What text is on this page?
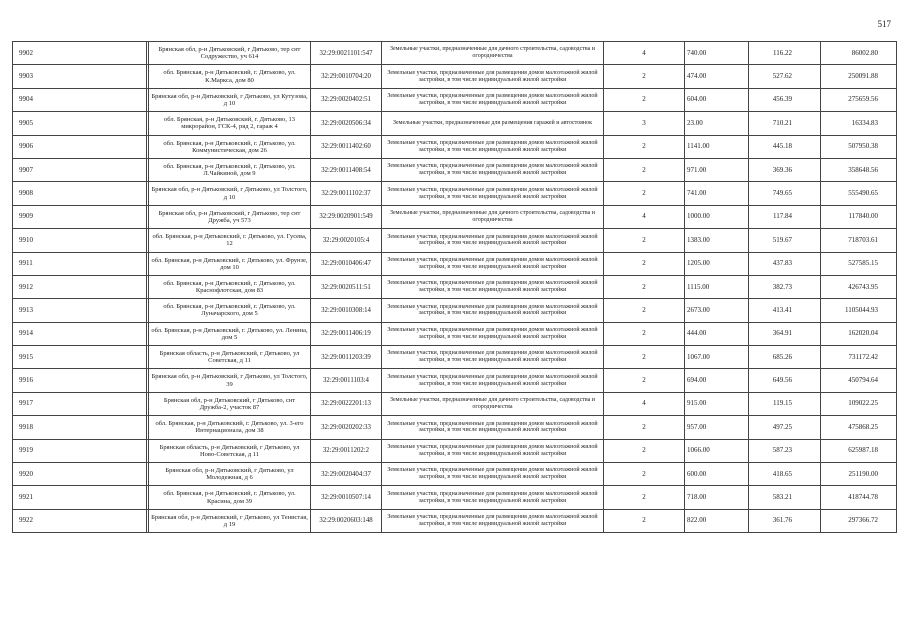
517
9902		Брянская обл, р-н Дятьковский, г Дятьково, тер снт Содружество, уч 614	32:29:0021101:547	Земельные участки, предназначенные для дачного строительства, садоводства и огородничества	4	740.00	116.22	86002.80
9903		обл. Брянская, р-н Дятьковский, г. Дятьково, ул. К.Маркса, дом 80	32:29:0010704:20	Земельные участки, предназначенные для размещения домов малоэтажной жилой застройки, в том числе индивидуальной жилой застройки	2	474.00	527.62	250091.88
9904		Брянская обл, р-н Дятьковский, г Дятьково, ул Кутузова, д 10	32:29:0020402:51	Земельные участки, предназначенные для размещения домов малоэтажной жилой застройки, в том числе индивидуальной жилой застройки	2	604.00	456.39	275659.56
9905		обл. Брянская, р-н Дятьковский, г. Дятьково, 13 микрорайон, ГСК-4, ряд 2, гараж 4	32:29:0020506:34	Земельные участки, предназначенные для размещения гаражей и автостоянок	3	23.00	710.21	16334.83
9906		обл. Брянская, р-н Дятьковский, г. Дятьково, ул. Коммунистическая, дом 26	32:29:0011402:60	Земельные участки, предназначенные для размещения домов малоэтажной жилой застройки, в том числе индивидуальной жилой застройки	2	1141.00	445.18	507950.38
9907		обл. Брянская, р-н Дятьковский, г. Дятьково, ул. Л.Чайкиной, дом 9	32:29:0011408:54	Земельные участки, предназначенные для размещения домов малоэтажной жилой застройки, в том числе индивидуальной жилой застройки	2	971.00	369.36	358648.56
9908		Брянская обл, р-н Дятьковский, г Дятьково, ул Толстого, д 10	32:29:0011102:37	Земельные участки, предназначенные для размещения домов малоэтажной жилой застройки, в том числе индивидуальной жилой застройки	2	741.00	749.65	555490.65
9909		Брянская обл, р-н Дятьковский, г Дятьково, тер снт Дружба, уч 573	32:29:0020901:549	Земельные участки, предназначенные для дачного строительства, садоводства и огородничества	4	1000.00	117.84	117840.00
9910		обл. Брянская, р-н Дятьковский, г. Дятьково, ул. Гусева, 12	32:29:0020105:4	Земельные участки, предназначенные для размещения домов малоэтажной жилой застройки, в том числе индивидуальной жилой застройки	2	1383.00	519.67	718703.61
9911		обл. Брянская, р-н Дятьковский, г. Дятьково, ул. Фрунзе, дом 10	32:29:0010406:47	Земельные участки, предназначенные для размещения домов малоэтажной жилой застройки, в том числе индивидуальной жилой застройки	2	1205.00	437.83	527585.15
9912		обл. Брянская, р-н Дятьковский, г. Дятьково, ул. Краснофлотская, дом 83	32:29:0020511:51	Земельные участки, предназначенные для размещения домов малоэтажной жилой застройки, в том числе индивидуальной жилой застройки	2	1115.00	382.73	426743.95
9913		обл. Брянская, р-н Дятьковский, г. Дятьково, ул. Луначарского, дом 5	32:29:0010308:14	Земельные участки, предназначенные для размещения домов малоэтажной жилой застройки, в том числе индивидуальной жилой застройки	2	2673.00	413.41	1105044.93
9914		обл. Брянская, р-н Дятьковский, г. Дятьково, ул. Ленина, дом 5	32:29:0011406:19	Земельные участки, предназначенные для размещения домов малоэтажной жилой застройки, в том числе индивидуальной жилой застройки	2	444.00	364.91	162020.04
9915		Брянская область, р-н Дятьковский, г Дятьково, ул Советская, д 11	32:29:0011203:39	Земельные участки, предназначенные для размещения домов малоэтажной жилой застройки, в том числе индивидуальной жилой застройки	2	1067.00	685.26	731172.42
9916		Брянская обл, р-н Дятьковский, г Дятьково, ул Толстого, 39	32:29:0011103:4	Земельные участки, предназначенные для размещения домов малоэтажной жилой застройки, в том числе индивидуальной жилой застройки	2	694.00	649.56	450794.64
9917		Брянская обл, р-н Дятьковский, г Дятьково, снт Дружба-2, участок 87	32:29:0022201:13	Земельные участки, предназначенные для дачного строительства, садоводства и огородничества	4	915.00	119.15	109022.25
9918		обл. Брянская, р-н Дятьковский, г. Дятьково, ул. 3-его Интернационала, дом 38	32:29:0020202:33	Земельные участки, предназначенные для размещения домов малоэтажной жилой застройки, в том числе индивидуальной жилой застройки	2	957.00	497.25	475868.25
9919		Брянская область, р-н Дятьковский, г Дятьково, ул Ново-Советская, д 11	32:29:0011202:2	Земельные участки, предназначенные для размещения домов малоэтажной жилой застройки, в том числе индивидуальной жилой застройки	2	1066.00	587.23	625987.18
9920		Брянская обл, р-н Дятьковский, г Дятьково, ул Молодежная, д 6	32:29:0020404:37	Земельные участки, предназначенные для размещения домов малоэтажной жилой застройки, в том числе индивидуальной жилой застройки	2	600.00	418.65	251190.00
9921		обл. Брянская, р-н Дятьковский, г. Дятьково, ул. Красина, дом 39	32:29:0010507:14	Земельные участки, предназначенные для размещения домов малоэтажной жилой застройки, в том числе индивидуальной жилой застройки	2	718.00	583.21	418744.78
9922		Брянская обл, р-н Дятьковский, г Дятьково, ул Тенистая, д 19	32:29:0020603:148	Земельные участки, предназначенные для размещения домов малоэтажной жилой застройки, в том числе индивидуальной жилой застройки	2	822.00	361.76	297366.72
